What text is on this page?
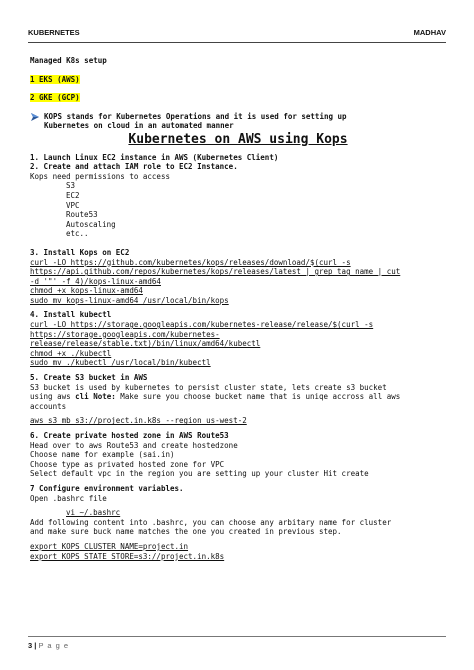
KUBERNETES	MADHAV
Managed K8s setup
1 EKS (AWS)
2 GKE (GCP)
KOPS stands for Kubernetes Operations and it is used for setting up
Kubernetes on cloud in an automated manner
Kubernetes on AWS using Kops
1. Launch Linux EC2 instance in AWS (Kubernetes Client)
2. Create and attach IAM role to EC2 Instance.
Kops need permissions to access
S3
EC2
VPC
Route53
Autoscaling
etc..
3. Install Kops on EC2
curl -LO https://github.com/kubernetes/kops/releases/download/$(curl -s
https://api.github.com/repos/kubernetes/kops/releases/latest | grep tag_name | cut
-d '"' -f 4)/kops-linux-amd64
chmod +x kops-linux-amd64
sudo mv kops-linux-amd64 /usr/local/bin/kops
4. Install kubectl
curl -LO https://storage.googleapis.com/kubernetes-release/release/$(curl -s
https://storage.googleapis.com/kubernetes-
release/release/stable.txt)/bin/linux/amd64/kubectl
chmod +x ./kubectl
sudo mv ./kubectl /usr/local/bin/kubectl
5. Create S3 bucket in AWS
S3 bucket is used by kubernetes to persist cluster state, lets create s3 bucket
using aws cli Note: Make sure you choose bucket name that is uniqe accross all aws
accounts
aws s3 mb s3://project.in.k8s --region us-west-2
6. Create private hosted zone in AWS Route53
Head over to aws Route53 and create hostedzone
Choose name for example (sai.in)
Choose type as privated hosted zone for VPC
Select default vpc in the region you are setting up your cluster Hit create
7 Configure environment variables.
Open .bashrc file
vi ~/.bashrc
Add following content into .bashrc, you can choose any arbitary name for cluster
and make sure buck name matches the one you created in previous step.
export KOPS_CLUSTER_NAME=project.in
export KOPS_STATE_STORE=s3://project.in.k8s
3 | P a g e
